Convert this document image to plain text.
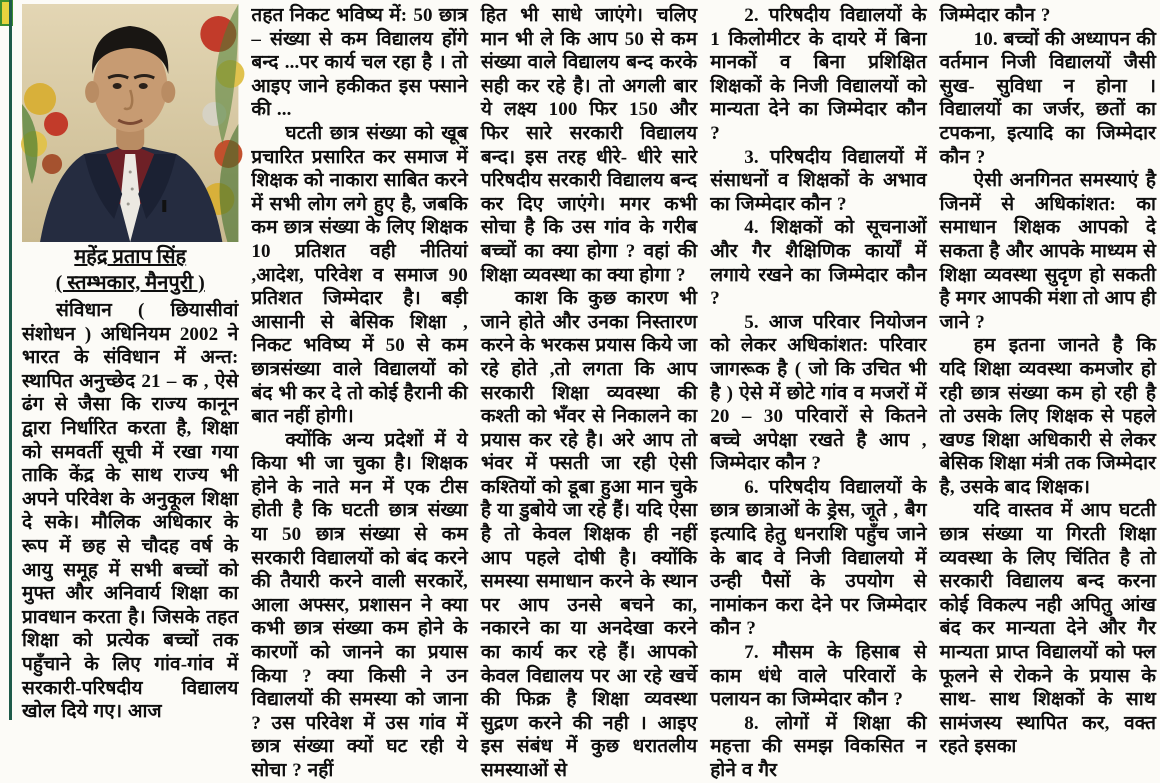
महेंद्र प्रताप सिंह
( स्तम्भकार, मैनपुरी )

संविधान ( छियासीवां संशोधन ) अधिनियम 2002 ने भारत के संविधान में अन्त: स्थापित अनुच्छेद 21 – क , ऐसे ढंग से जैसा कि राज्य कानून द्वारा निर्धारित करता है, शिक्षा को समवर्ती सूची में रखा गया ताकि केंद्र के साथ राज्य भी अपने परिवेश के अनुकूल शिक्षा दे सके। मौलिक अधिकार के रूप में छह से चौदह वर्ष के आयु समूह में सभी बच्चों को मुफ्त और अनिवार्य शिक्षा का प्रावधान करता है। जिसके तहत शिक्षा को प्रत्येक बच्चों तक पहुँचाने के लिए गांव-गांव में सरकारी-परिषदीय विद्यालय खोल दिये गए। आज

तहत निकट भविष्य में: 50 छात्र – संख्या से कम विद्यालय होंगे बन्द ...पर कार्य चल रहा है । तो आइए जाने हकीकत इस फ्साने की ...

घटती छात्र संख्या को खूब प्रचारित प्रसारित कर समाज में शिक्षक को नाकारा साबित करने में सभी लोग लगे हुए है, जबकि कम छात्र संख्या के लिए शिक्षक 10 प्रतिशत वही नीतियां ,आदेश, परिवेश व समाज 90 प्रतिशत जिम्मेदार है। बड़ी आसानी से बेसिक शिक्षा , निकट भविष्य में 50 से कम छात्रसंख्या वाले विद्यालयों को बंद भी कर दे तो कोई हैरानी की बात नहीं होगी।

क्योंकि अन्य प्रदेशों में ये किया भी जा चुका है। शिक्षक होने के नाते मन में एक टीस होती है कि घटती छात्र संख्या या 50 छात्र संख्या से कम सरकारी विद्यालयों को बंद करने की तैयारी करने वाली सरकारें, आला अफ्सर, प्रशासन ने क्या कभी छात्र संख्या कम होने के कारणों को जानने का प्रयास किया ? क्या किसी ने उन विद्यालयों की समस्या को जाना ? उस परिवेश में उस गांव में छात्र संख्या क्यों घट रही ये सोचा ? नहीं

हित भी साधे जाएंगे। चलिए मान भी ले कि आप 50 से कम संख्या वाले विद्यालय बन्द करके सही कर रहे है। तो अगली बार ये लक्ष्य 100 फिर 150 और फिर सारे सरकारी विद्यालय बन्द। इस तरह धीरे- धीरे सारे परिषदीय सरकारी विद्यालय बन्द कर दिए जाएंगे। मगर कभी सोचा है कि उस गांव के गरीब बच्चों का क्या होगा ? वहां की शिक्षा व्यवस्था का क्या होगा ?

काश कि कुछ कारण भी जाने होते और उनका निस्तारण करने के भरकस प्रयास किये जा रहे होते ,तो लगता कि आप सरकारी शिक्षा व्यवस्था की कश्ती को भँवर से निकालने का प्रयास कर रहे है। अरे आप तो भंवर में फ्सती जा रही ऐसी कश्तियों को डूबा हुआ मान चुके है या डुबोये जा रहे हैं। यदि ऐसा है तो केवल शिक्षक ही नहीं आप पहले दोषी है। क्योंकि समस्या समाधान करने के स्थान पर आप उनसे बचने का, नकारने का या अनदेखा करने का कार्य कर रहे हैं। आपको केवल विद्यालय पर आ रहे खर्चे की फिक्र है शिक्षा व्यवस्था सुद्रण करने की नही । आइए इस संबंध में कुछ धरातलीय समस्याओं से

2. परिषदीय विद्यालयों के 1 किलोमीटर के दायरे में बिना मानकों व बिना प्रशिक्षित शिक्षकों के निजी विद्यालयों को मान्यता देने का जिम्मेदार कौन ?

3. परिषदीय विद्यालयों में संसाधनों व शिक्षकों के अभाव का जिम्मेदार कौन ?

4. शिक्षकों को सूचनाओं और गैर शैक्षिणिक कार्यों में लगाये रखने का जिम्मेदार कौन ?

5. आज परिवार नियोजन को लेकर अधिकांशत: परिवार जागरूक है ( जो कि उचित भी है ) ऐसे में छोटे गांव व मजरों में 20 – 30 परिवारों से कितने बच्चे अपेक्षा रखते है आप , जिम्मेदार कौन ?

6. परिषदीय विद्यालयों के छात्र छात्राओं के ड्रेस, जूते , बैग इत्यादि हेतु धनराशि पहुँच जाने के बाद वे निजी विद्यालयो में उन्ही पैसों के उपयोग से नामांकन करा देने पर जिम्मेदार कौन ?

7. मौसम के हिसाब से काम धंधे वाले परिवारों के पलायन का जिम्मेदार कौन ?

8. लोगों में शिक्षा की महत्ता की समझ विकसित न होने व गैर

जिम्मेदार कौन ?

10. बच्चों की अध्यापन की वर्तमान निजी विद्यालयों जैसी सुख- सुविधा न होना । विद्यालयों का जर्जर, छतों का टपकना, इत्यादि का जिम्मेदार कौन ?

ऐसी अनगिनत समस्याएं है जिनमें से अधिकांशत: का समाधान शिक्षक आपको दे सकता है और आपके माध्यम से शिक्षा व्यवस्था सुदृण हो सकती है मगर आपकी मंशा तो आप ही जाने ?

हम इतना जानते है कि यदि शिक्षा व्यवस्था कमजोर हो रही छात्र संख्या कम हो रही है तो उसके लिए शिक्षक से पहले खण्ड शिक्षा अधिकारी से लेकर बेसिक शिक्षा मंत्री तक जिम्मेदार है, उसके बाद शिक्षक।

यदि वास्तव में आप घटती छात्र संख्या या गिरती शिक्षा व्यवस्था के लिए चिंतित है तो सरकारी विद्यालय बन्द करना कोई विकल्प नही अपितु आंख बंद कर मान्यता देने और गैर मान्यता प्राप्त विद्यालयों को फ्ल फूलने से रोकने के प्रयास के साथ- साथ शिक्षकों के साथ सामंजस्य स्थापित कर, वक्त रहते इसका
